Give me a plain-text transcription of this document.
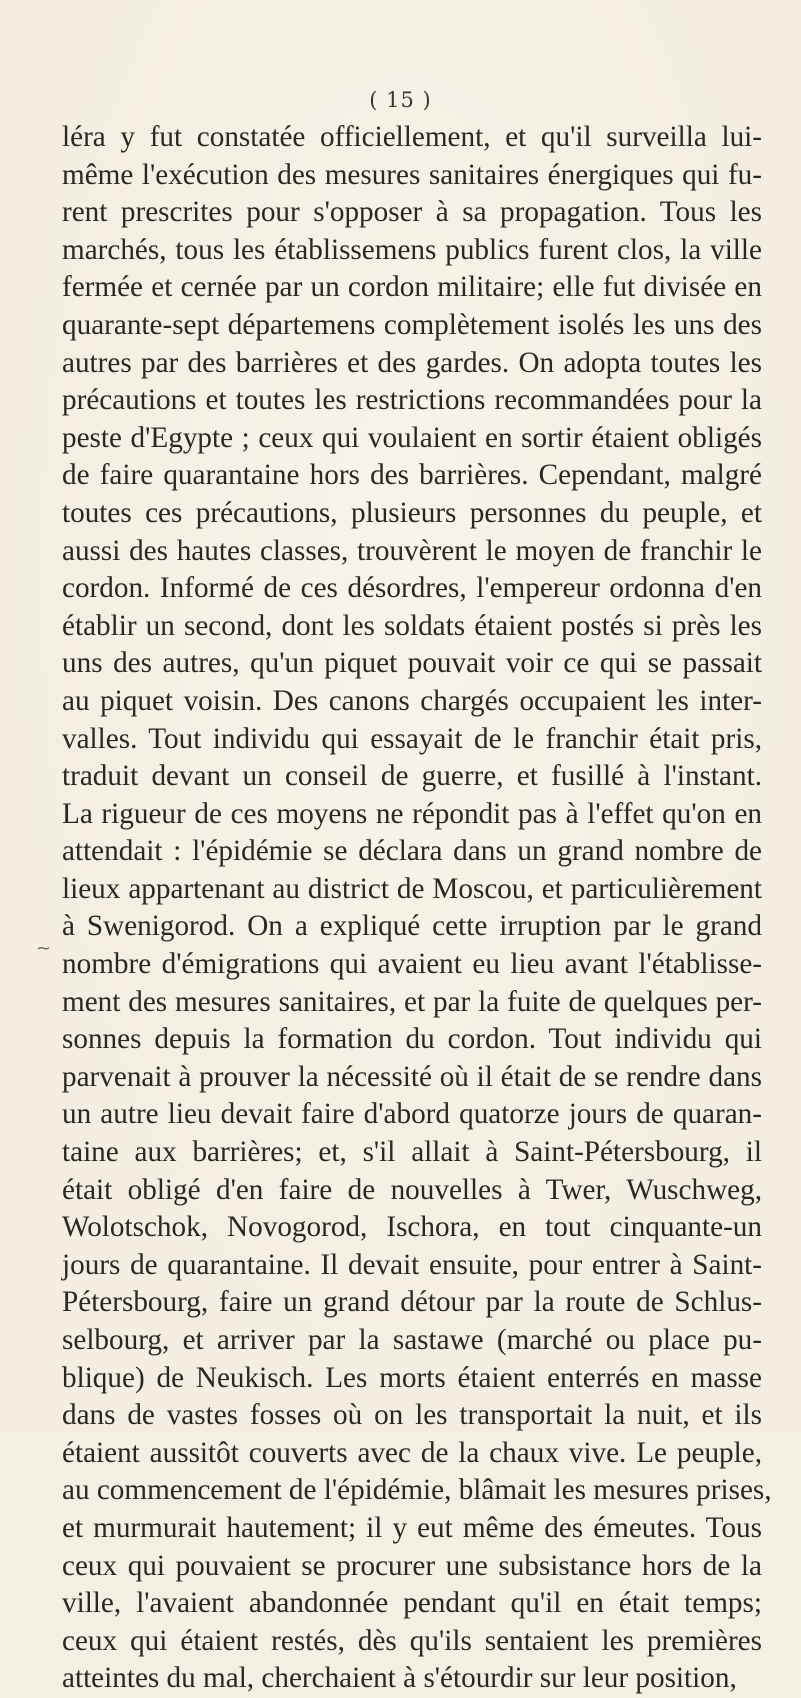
( 15 )
léra y fut constatée officiellement, et qu'il surveilla lui-
même l'exécution des mesures sanitaires énergiques qui fu-
rent prescrites pour s'opposer à sa propagation. Tous les
marchés, tous les établissemens publics furent clos, la ville
fermée et cernée par un cordon militaire; elle fut divisée en
quarante-sept départemens complètement isolés les uns des
autres par des barrières et des gardes. On adopta toutes les
précautions et toutes les restrictions recommandées pour la
peste d'Egypte ; ceux qui voulaient en sortir étaient obligés
de faire quarantaine hors des barrières. Cependant, malgré
toutes ces précautions, plusieurs personnes du peuple, et
aussi des hautes classes, trouvèrent le moyen de franchir le
cordon. Informé de ces désordres, l'empereur ordonna d'en
établir un second, dont les soldats étaient postés si près les
uns des autres, qu'un piquet pouvait voir ce qui se passait
au piquet voisin. Des canons chargés occupaient les inter-
valles. Tout individu qui essayait de le franchir était pris,
traduit devant un conseil de guerre, et fusillé à l'instant.
La rigueur de ces moyens ne répondit pas à l'effet qu'on en
attendait : l'épidémie se déclara dans un grand nombre de
lieux appartenant au district de Moscou, et particulièrement
à Swenigorod. On a expliqué cette irruption par le grand
nombre d'émigrations qui avaient eu lieu avant l'établisse-
ment des mesures sanitaires, et par la fuite de quelques per-
sonnes depuis la formation du cordon. Tout individu qui
parvenait à prouver la nécessité où il était de se rendre dans
un autre lieu devait faire d'abord quatorze jours de quaran-
taine aux barrières; et, s'il allait à Saint-Pétersbourg, il
était obligé d'en faire de nouvelles à Twer, Wuschweg,
Wolotschok, Novogorod, Ischora, en tout cinquante-un
jours de quarantaine. Il devait ensuite, pour entrer à Saint-
Pétersbourg, faire un grand détour par la route de Schlus-
selbourg, et arriver par la sastawe (marché ou place pu-
blique) de Neukisch. Les morts étaient enterrés en masse
dans de vastes fosses où on les transportait la nuit, et ils
étaient aussitôt couverts avec de la chaux vive. Le peuple,
au commencement de l'épidémie, blâmait les mesures prises,
et murmurait hautement; il y eut même des émeutes. Tous
ceux qui pouvaient se procurer une subsistance hors de la
ville, l'avaient abandonnée pendant qu'il en était temps;
ceux qui étaient restés, dès qu'ils sentaient les premières
atteintes du mal, cherchaient à s'étourdir sur leur position,
~
